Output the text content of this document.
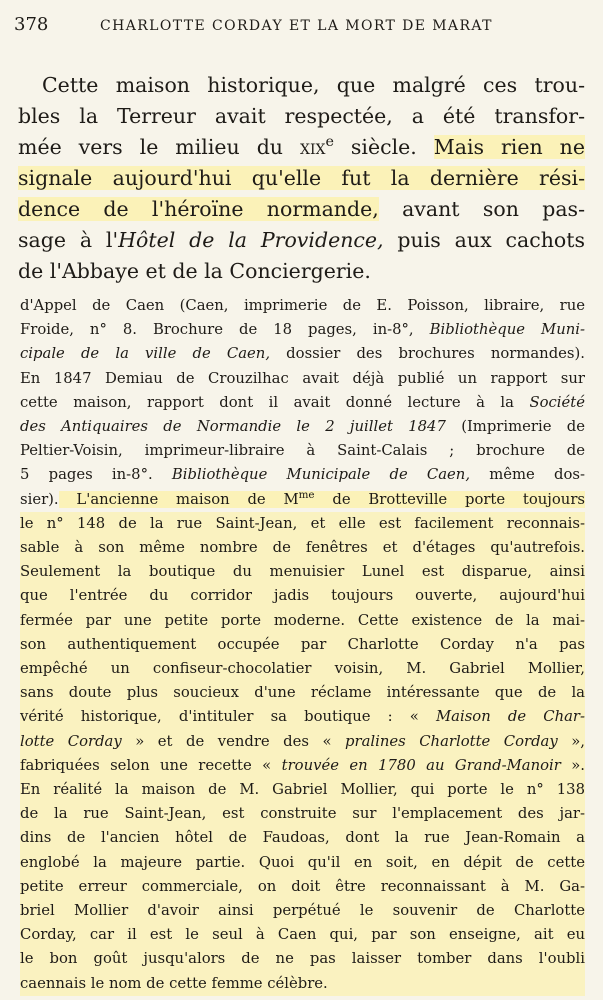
378	CHARLOTTE CORDAY ET LA MORT DE MARAT
Cette maison historique, que malgré ces trou-
bles la Terreur avait respectée, a été transfor-
mée vers le milieu du xix$^e$ siècle. Mais rien ne
signale aujourd'hui qu'elle fut la dernière rési-
dence de l'héroïne normande, avant son pas-
sage à l'Hôtel de la Providence, puis aux cachots
de l'Abbaye et de la Conciergerie.
d'Appel de Caen (Caen, imprimerie de E. Poisson, libraire, rue
Froide, n° 8. Brochure de 18 pages, in-8°, Bibliothèque Muni-
cipale de la ville de Caen, dossier des brochures normandes).
En 1847 Demiau de Crouzilhac avait déjà publié un rapport sur
cette maison, rapport dont il avait donné lecture à la Société
des Antiquaires de Normandie le 2 juillet 1847 (Imprimerie de
Peltier-Voisin, imprimeur-libraire à Saint-Calais ; brochure de
5 pages in-8°. Bibliothèque Municipale de Caen, même dos-
sier). L'ancienne maison de $M^{me}$ de Brotteville porte toujours
le n° 148 de la rue Saint-Jean, et elle est facilement reconnais-
sable à son même nombre de fenêtres et d'étages qu'autrefois.
Seulement la boutique du menuisier Lunel est disparue, ainsi
que l'entrée du corridor jadis toujours ouverte, aujourd'hui
fermée par une petite porte moderne. Cette existence de la mai-
son authentiquement occupée par Charlotte Corday n'a pas
empêché un confiseur-chocolatier voisin, M. Gabriel Mollier,
sans doute plus soucieux d'une réclame intéressante que de la
vérité historique, d'intituler sa boutique : « Maison de Char-
lotte Corday » et de vendre des « pralines Charlotte Corday »,
fabriquées selon une recette « trouvée en 1780 au Grand-Manoir ».
En réalité la maison de M. Gabriel Mollier, qui porte le n° 138
de la rue Saint-Jean, est construite sur l'emplacement des jar-
dins de l'ancien hôtel de Faudoas, dont la rue Jean-Romain a
englobé la majeure partie. Quoi qu'il en soit, en dépit de cette
petite erreur commerciale, on doit être reconnaissant à M. Ga-
briel Mollier d'avoir ainsi perpétué le souvenir de Charlotte
Corday, car il est le seul à Caen qui, par son enseigne, ait eu
le bon goût jusqu'alors de ne pas laisser tomber dans l'oubli
caennais le nom de cette femme célèbre.
